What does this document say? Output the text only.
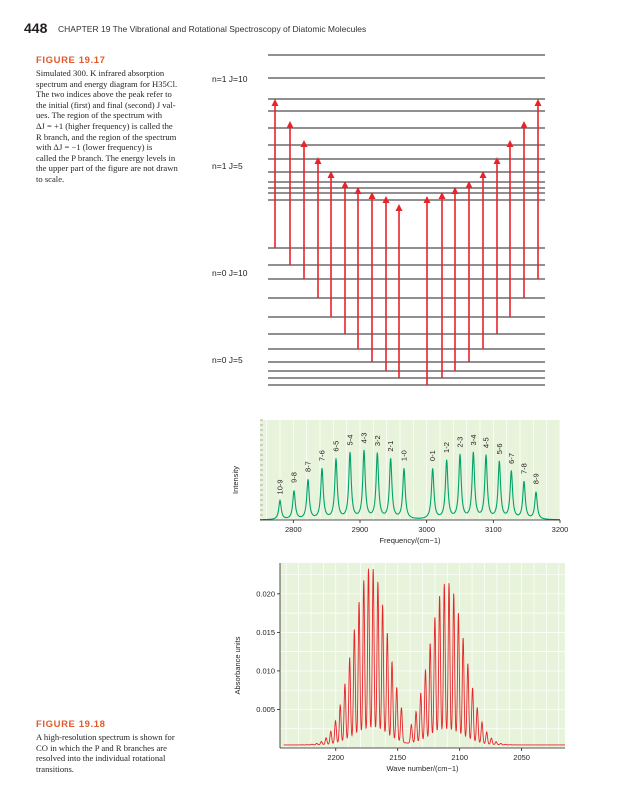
448 CHAPTER 19 The Vibrational and Rotational Spectroscopy of Diatomic Molecules
FIGURE 19.17
Simulated 300. K infrared absorption
spectrum and energy diagram for H35Cl.
The two indices above the peak refer to
the initial (first) and final (second) J val-
ues. The region of the spectrum with
ΔJ = +1 (higher frequency) is called the
R branch, and the region of the spectrum
with ΔJ = −1 (lower frequency) is
called the P branch. The energy levels in
the upper part of the figure are not drawn
to scale.
FIGURE 19.18
A high-resolution spectrum is shown for
CO in which the P and R branches are
resolved into the individual rotational
transitions.
n=1 J=10
n=1 J=5
n=0 J=10
n=0 J=5
10-9
9-8
8-7
7-6
6-5
5-4 4-3 3-2
2-1
1-0	0-1
1-2
2-3 3-4 4-5
5-6
6-7
7-8
8-9
2800	2900	3000	3100	3200
Frequency/(cm−1)
Intensity
2200	2150	2100	2050
0.005
0.010
0.015
0.020
Wave number/(cm−1)
Absorbance units
